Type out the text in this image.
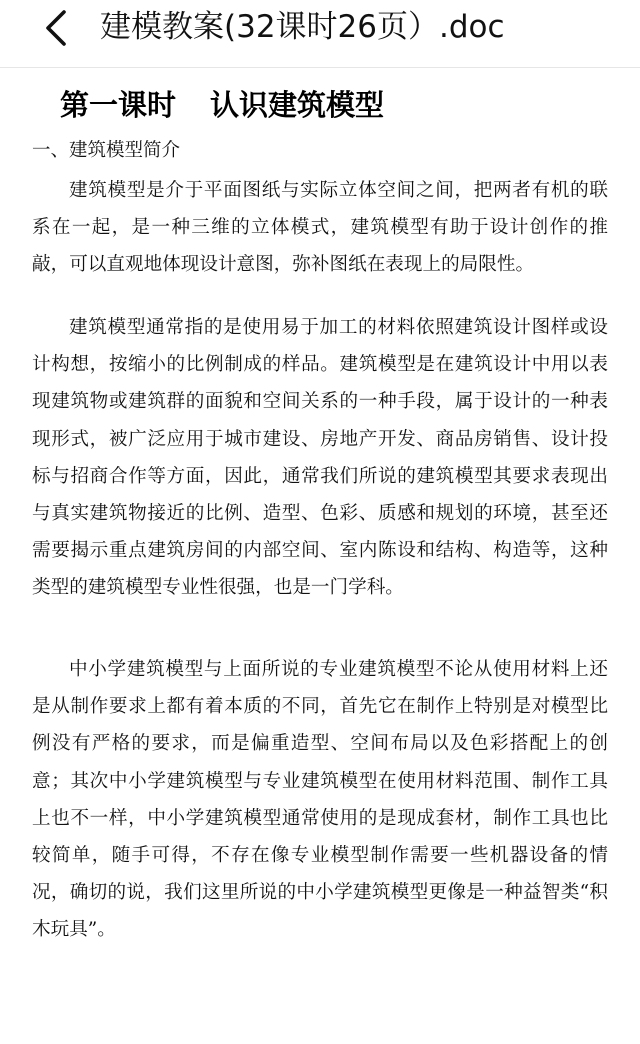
建模教案(32课时26页）.doc
第一课时 认识建筑模型
一、建筑模型简介

建筑模型是介于平面图纸与实际立体空间之间，把两者有机的联系在一起，是一种三维的立体模式，建筑模型有助于设计创作的推敲，可以直观地体现设计意图，弥补图纸在表现上的局限性。

建筑模型通常指的是使用易于加工的材料依照建筑设计图样或设计构想，按缩小的比例制成的样品。建筑模型是在建筑设计中用以表现建筑物或建筑群的面貌和空间关系的一种手段，属于设计的一种表现形式，被广泛应用于城市建设、房地产开发、商品房销售、设计投标与招商合作等方面，因此，通常我们所说的建筑模型其要求表现出与真实建筑物接近的比例、造型、色彩、质感和规划的环境，甚至还需要揭示重点建筑房间的内部空间、室内陈设和结构、构造等，这种类型的建筑模型专业性很强，也是一门学科。

中小学建筑模型与上面所说的专业建筑模型不论从使用材料上还是从制作要求上都有着本质的不同，首先它在制作上特别是对模型比例没有严格的要求，而是偏重造型、空间布局以及色彩搭配上的创意；其次中小学建筑模型与专业建筑模型在使用材料范围、制作工具上也不一样，中小学建筑模型通常使用的是现成套材，制作工具也比较简单，随手可得，不存在像专业模型制作需要一些机器设备的情况，确切的说，我们这里所说的中小学建筑模型更像是一种益智类“积木玩具”。
